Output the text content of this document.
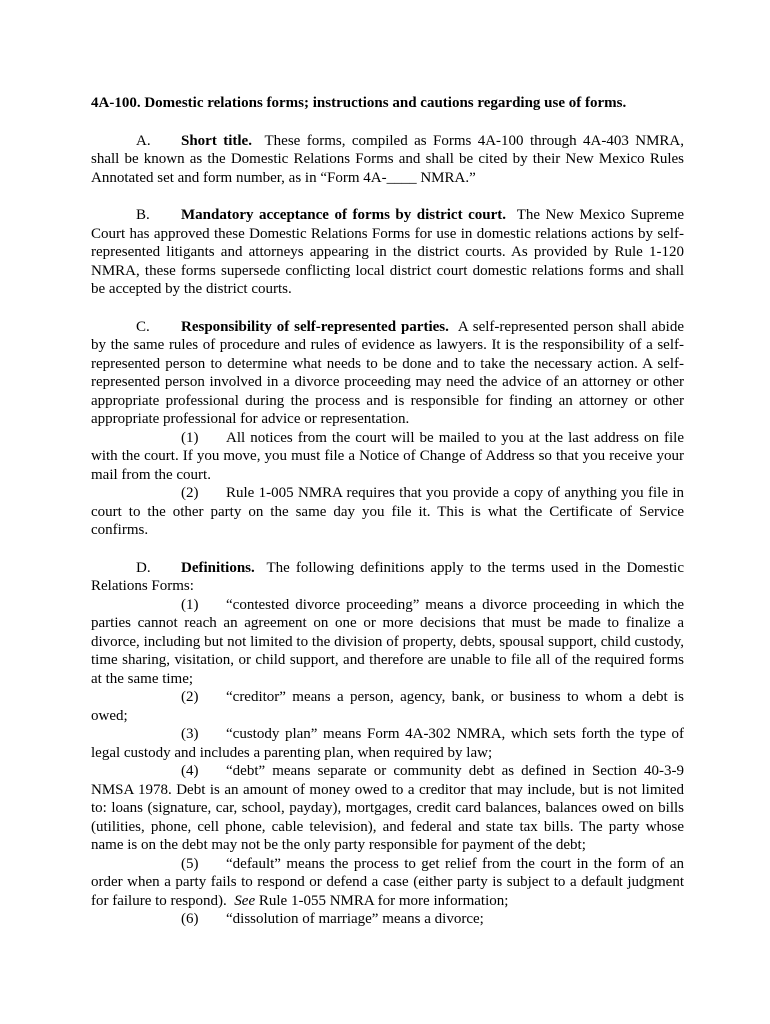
4A-100. Domestic relations forms; instructions and cautions regarding use of forms.

A. Short title. These forms, compiled as Forms 4A-100 through 4A-403 NMRA, shall be known as the Domestic Relations Forms and shall be cited by their New Mexico Rules Annotated set and form number, as in “Form 4A-____ NMRA.”

B. Mandatory acceptance of forms by district court. The New Mexico Supreme Court has approved these Domestic Relations Forms for use in domestic relations actions by self-represented litigants and attorneys appearing in the district courts. As provided by Rule 1-120 NMRA, these forms supersede conflicting local district court domestic relations forms and shall be accepted by the district courts.

C. Responsibility of self-represented parties. A self-represented person shall abide by the same rules of procedure and rules of evidence as lawyers. It is the responsibility of a self-represented person to determine what needs to be done and to take the necessary action. A self-represented person involved in a divorce proceeding may need the advice of an attorney or other appropriate professional during the process and is responsible for finding an attorney or other appropriate professional for advice or representation.

(1) All notices from the court will be mailed to you at the last address on file with the court. If you move, you must file a Notice of Change of Address so that you receive your mail from the court.

(2) Rule 1-005 NMRA requires that you provide a copy of anything you file in court to the other party on the same day you file it. This is what the Certificate of Service confirms.

D. Definitions. The following definitions apply to the terms used in the Domestic Relations Forms:

(1) “contested divorce proceeding” means a divorce proceeding in which the parties cannot reach an agreement on one or more decisions that must be made to finalize a divorce, including but not limited to the division of property, debts, spousal support, child custody, time sharing, visitation, or child support, and therefore are unable to file all of the required forms at the same time;

(2) “creditor” means a person, agency, bank, or business to whom a debt is owed;

(3) “custody plan” means Form 4A-302 NMRA, which sets forth the type of legal custody and includes a parenting plan, when required by law;

(4) “debt” means separate or community debt as defined in Section 40-3-9 NMSA 1978. Debt is an amount of money owed to a creditor that may include, but is not limited to: loans (signature, car, school, payday), mortgages, credit card balances, balances owed on bills (utilities, phone, cell phone, cable television), and federal and state tax bills. The party whose name is on the debt may not be the only party responsible for payment of the debt;

(5) “default” means the process to get relief from the court in the form of an order when a party fails to respond or defend a case (either party is subject to a default judgment for failure to respond). See Rule 1-055 NMRA for more information;

(6) “dissolution of marriage” means a divorce;
